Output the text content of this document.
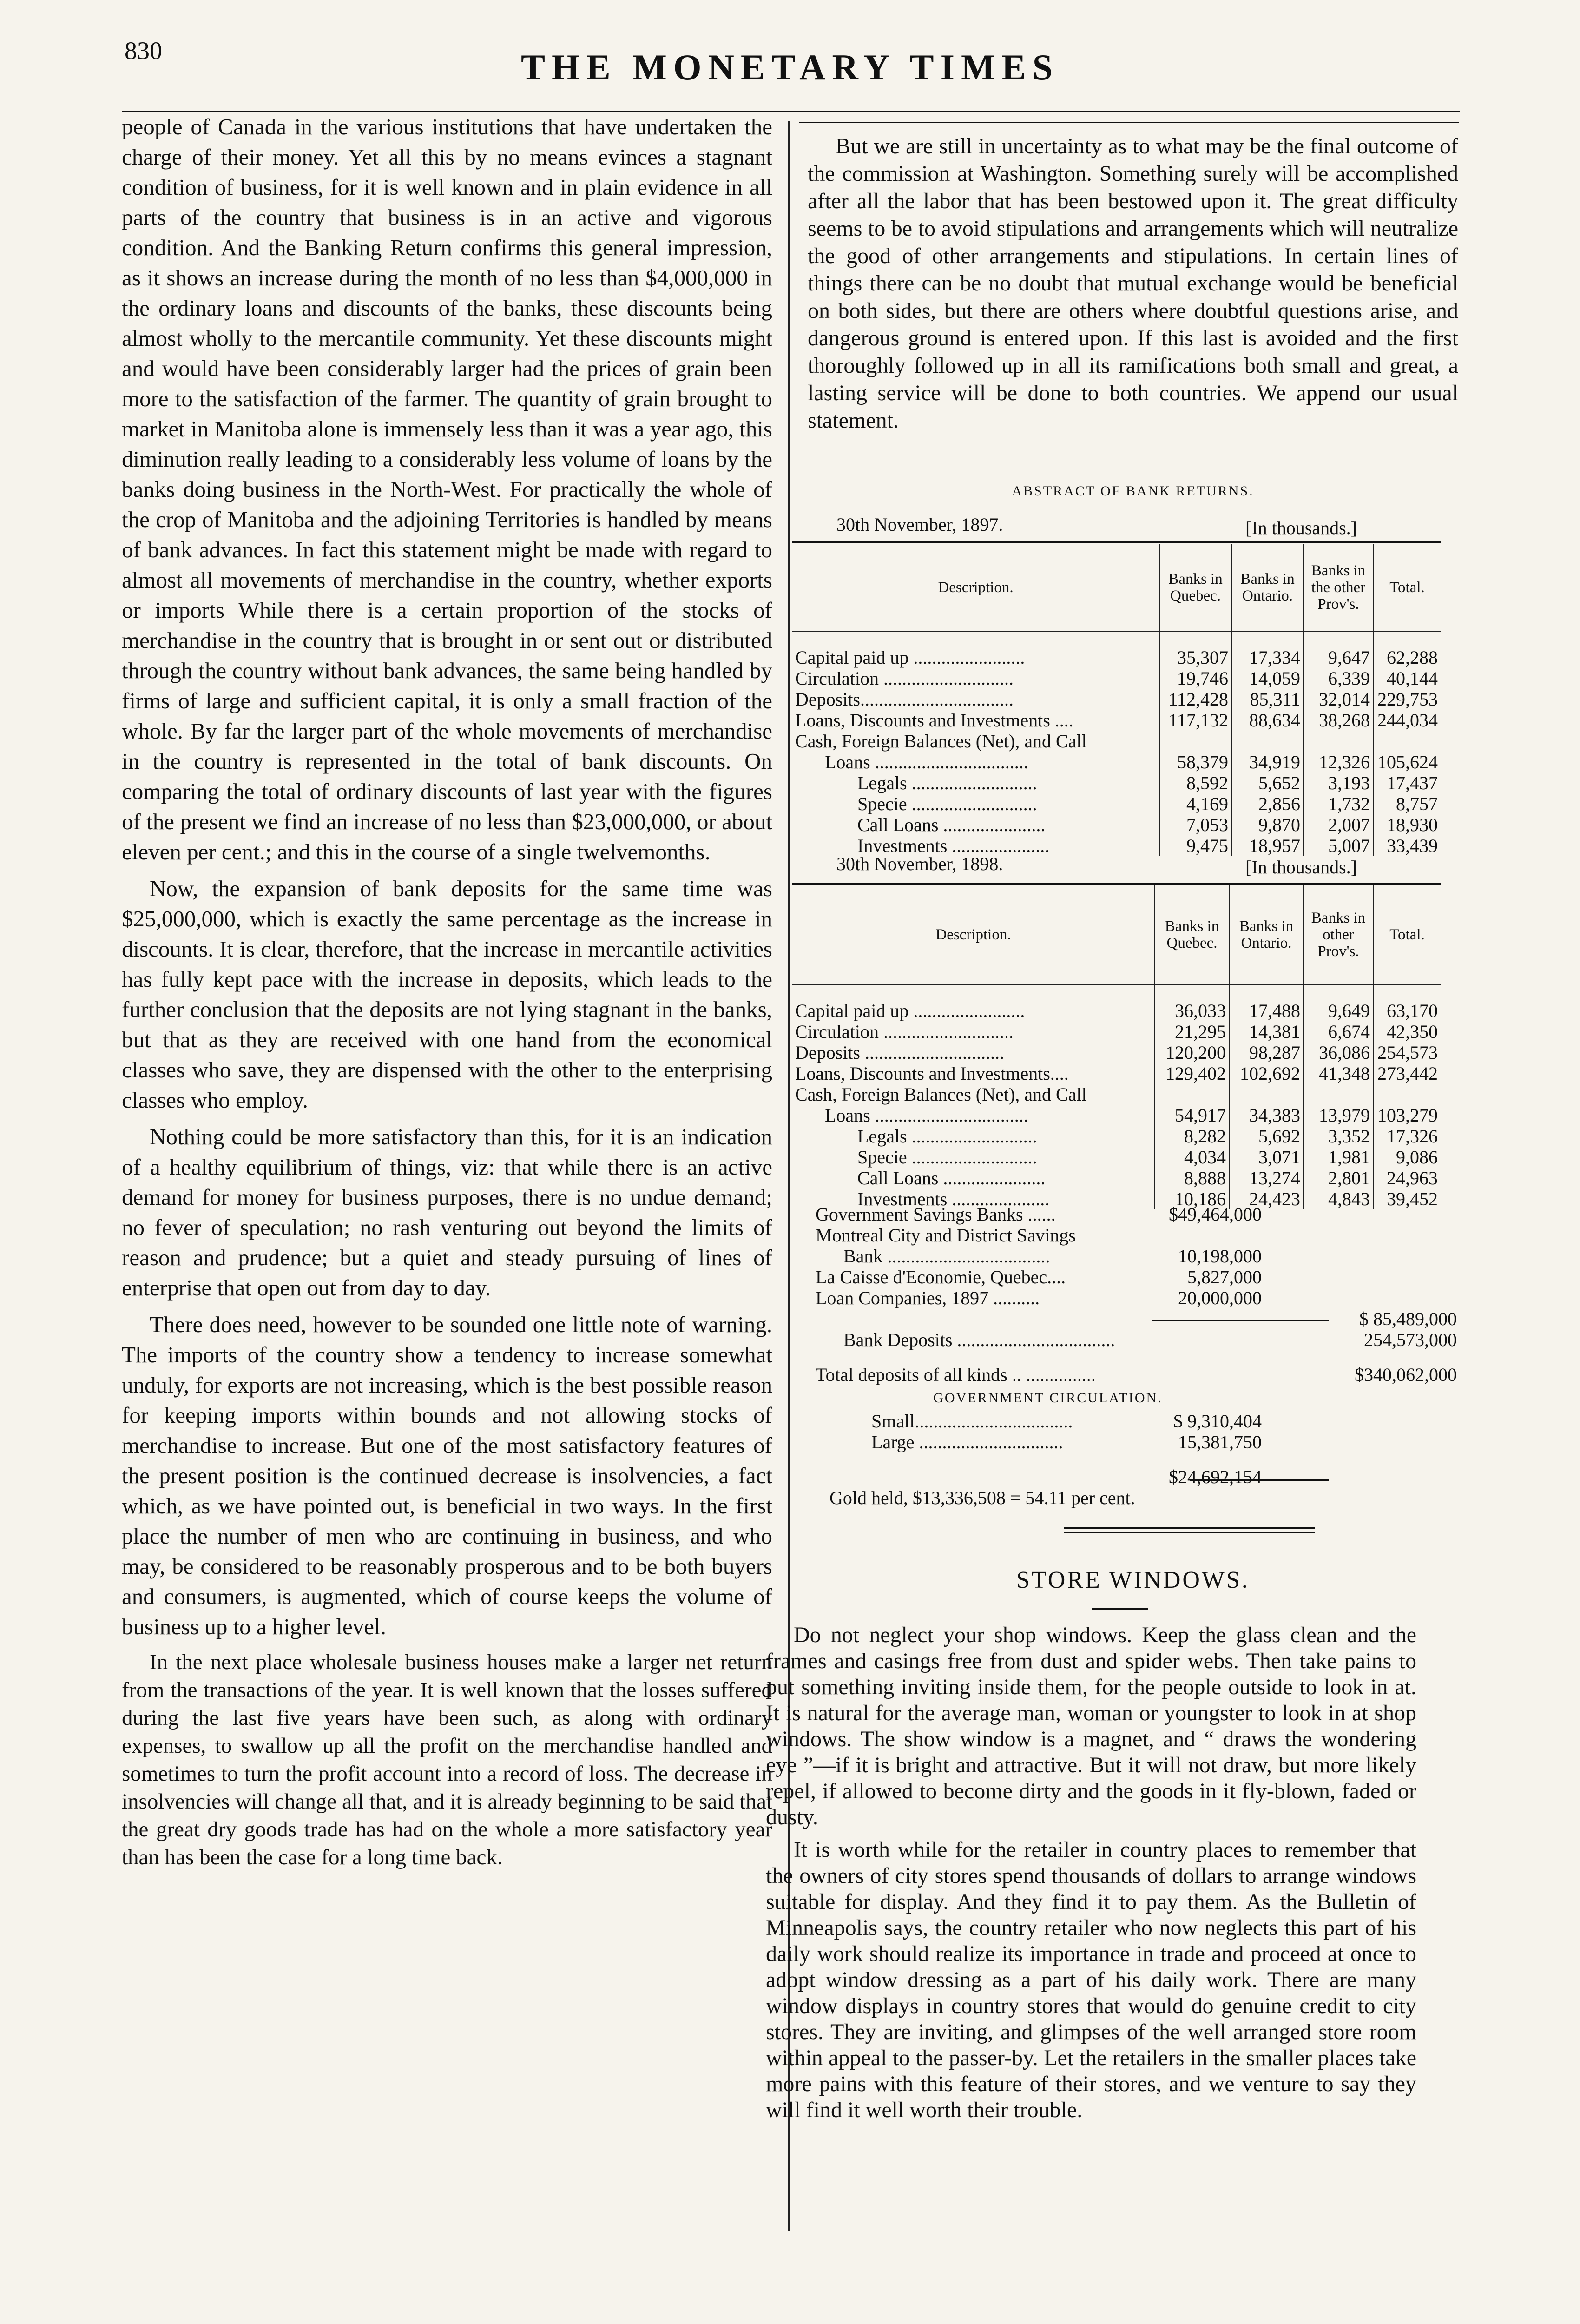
830	THE MONETARY TIMES

people of Canada in the various institutions that have undertaken the charge of their money. Yet all this by no means evinces a stagnant condition of business, for it is well known and in plain evidence in all parts of the country that business is in an active and vigorous condition. And the Banking Return confirms this general impression, as it shows an increase during the month of no less than $4,000,000 in the ordinary loans and discounts of the banks, these discounts being almost wholly to the mercantile community. Yet these discounts might and would have been considerably larger had the prices of grain been more to the satisfaction of the farmer. The quantity of grain brought to market in Manitoba alone is immensely less than it was a year ago, this diminution really leading to a considerably less volume of loans by the banks doing business in the North-West. For practically the whole of the crop of Manitoba and the adjoining Territories is handled by means of bank advances. In fact this statement might be made with regard to almost all movements of merchandise in the country, whether exports or imports While there is a certain proportion of the stocks of merchandise in the country that is brought in or sent out or distributed through the country without bank advances, the same being handled by firms of large and sufficient capital, it is only a small fraction of the whole. By far the larger part of the whole movements of merchandise in the country is represented in the total of bank discounts. On comparing the total of ordinary discounts of last year with the figures of the present we find an increase of no less than $23,000,000, or about eleven per cent.; and this in the course of a single twelvemonths.

Now, the expansion of bank deposits for the same time was $25,000,000, which is exactly the same percentage as the increase in discounts. It is clear, therefore, that the increase in mercantile activities has fully kept pace with the increase in deposits, which leads to the further conclusion that the deposits are not lying stagnant in the banks, but that as they are received with one hand from the economical classes who save, they are dispensed with the other to the enterprising classes who employ.

Nothing could be more satisfactory than this, for it is an indication of a healthy equilibrium of things, viz: that while there is an active demand for money for business purposes, there is no undue demand; no fever of speculation; no rash venturing out beyond the limits of reason and prudence; but a quiet and steady pursuing of lines of enterprise that open out from day to day.

There does need, however to be sounded one little note of warning. The imports of the country show a tendency to increase somewhat unduly, for exports are not increasing, which is the best possible reason for keeping imports within bounds and not allowing stocks of merchandise to increase. But one of the most satisfactory features of the present position is the continued decrease is insolvencies, a fact which, as we have pointed out, is beneficial in two ways. In the first place the number of men who are continuing in business, and who may, be considered to be reasonably prosperous and to be both buyers and consumers, is augmented, which of course keeps the volume of business up to a higher level.

In the next place wholesale business houses make a larger net return from the transactions of the year. It is well known that the losses suffered during the last five years have been such, as along with ordinary expenses, to swallow up all the profit on the merchandise handled and sometimes to turn the profit account into a record of loss. The decrease in insolvencies will change all that, and it is already beginning to be said that the great dry goods trade has had on the whole a more satisfactory year than has been the case for a long time back.

But we are still in uncertainty as to what may be the final outcome of the commission at Washington. Something surely will be accomplished after all the labor that has been bestowed upon it. The great difficulty seems to be to avoid stipulations and arrangements which will neutralize the good of other arrangements and stipulations. In certain lines of things there can be no doubt that mutual exchange would be beneficial on both sides, but there are others where doubtful questions arise, and dangerous ground is entered upon. If this last is avoided and the first thoroughly followed up in all its ramifications both small and great, a lasting service will be done to both countries. We append our usual statement.

ABSTRACT OF BANK RETURNS.
30th November, 1897.	[In thousands.]
Description.	Banks in Quebec.	Banks in Ontario.	Banks in the other Prov's.	Total.
Capital paid up ........................	35,307	17,334	9,647	62,288
Circulation ............................	19,746	14,059	6,339	40,144
Deposits.................................	112,428	85,311	32,014	229,753
Loans, Discounts and Investments ....	117,132	88,634	38,268	244,034
Cash, Foreign Balances (Net), and Call				
Loans .................................	58,379	34,919	12,326	105,624
Legals ...........................	8,592	5,652	3,193	17,437
Specie ...........................	4,169	2,856	1,732	8,757
Call Loans ......................	7,053	9,870	2,007	18,930
Investments .....................	9,475	18,957	5,007	33,439
30th November, 1898.	[In thousands.]
Description.	Banks in Quebec.	Banks in Ontario.	Banks in other Prov's.	Total.
Capital paid up ........................	36,033	17,488	9,649	63,170
Circulation ............................	21,295	14,381	6,674	42,350
Deposits ..............................	120,200	98,287	36,086	254,573
Loans, Discounts and Investments....	129,402	102,692	41,348	273,442
Cash, Foreign Balances (Net), and Call				
Loans .................................	54,917	34,383	13,979	103,279
Legals ...........................	8,282	5,692	3,352	17,326
Specie ...........................	4,034	3,071	1,981	9,086
Call Loans ......................	8,888	13,274	2,801	24,963
Investments .....................	10,186	24,423	4,843	39,452
Government Savings Banks ......	$49,464,000
Montreal City and District Savings
Bank ...................................	10,198,000
La Caisse d'Economie, Quebec....	5,827,000
Loan Companies, 1897 ..........	20,000,000
$ 85,489,000
Bank Deposits ..................................	254,573,000
Total deposits of all kinds .. ...............	$340,062,000
GOVERNMENT CIRCULATION.
Small..................................	$ 9,310,404
Large ...............................	15,381,750
$24,692,154
Gold held, $13,336,508 = 54.11 per cent.
STORE WINDOWS.

Do not neglect your shop windows. Keep the glass clean and the frames and casings free from dust and spider webs. Then take pains to put something inviting inside them, for the people outside to look in at. It is natural for the average man, woman or youngster to look in at shop windows. The show window is a magnet, and “ draws the wondering eye ”—if it is bright and attractive. But it will not draw, but more likely repel, if allowed to become dirty and the goods in it fly-blown, faded or dusty.

It is worth while for the retailer in country places to remember that the owners of city stores spend thousands of dollars to arrange windows suitable for display. And they find it to pay them. As the Bulletin of Minneapolis says, the country retailer who now neglects this part of his daily work should realize its importance in trade and proceed at once to adopt window dressing as a part of his daily work. There are many window displays in country stores that would do genuine credit to city stores. They are inviting, and glimpses of the well arranged store room within appeal to the passer-by. Let the retailers in the smaller places take more pains with this feature of their stores, and we venture to say they will find it well worth their trouble.
